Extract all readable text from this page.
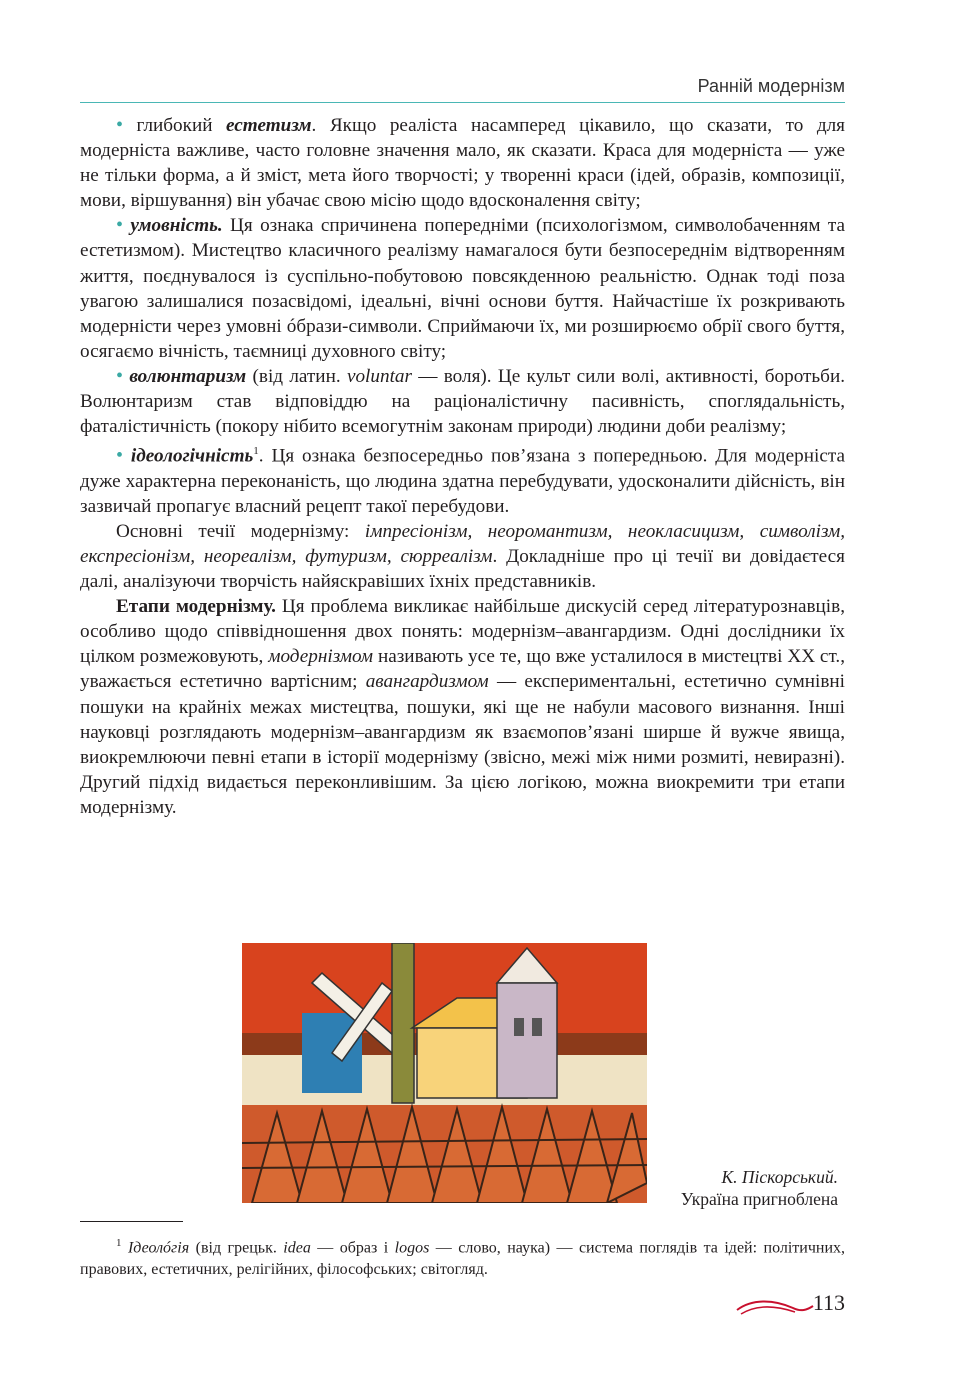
Ранній модернізм

• глибокий естетизм. Якщо реаліста насамперед цікавило, що сказати, то для модерніста важливе, часто головне значення мало, як сказати. Краса для модерніста — уже не тільки форма, а й зміст, мета його творчості; у творенні краси (ідей, образів, композиції, мови, віршування) він убачає свою місію щодо вдосконалення світу;

• умовність. Ця ознака спричинена попередніми (психологізмом, символобаченням та естетизмом). Мистецтво класичного реалізму намагалося бути безпосереднім відтворенням життя, поєднувалося із суспільно-побутовою повсякденною реальністю. Однак тоді поза увагою залишалися позасвідомі, ідеальні, вічні основи буття. Найчастіше їх розкривають модерністи через умовні óбрази-символи. Сприймаючи їх, ми розширюємо обрії свого буття, осягаємо вічність, таємниці духовного світу;

• волюнтаризм (від латин. voluntar — воля). Це культ сили волі, активності, боротьби. Волюнтаризм став відповіддю на раціоналістичну пасивність, споглядальність, фаталістичність (покору нібито всемогутнім законам природи) людини доби реалізму;

• ідеологічність$^1$. Ця ознака безпосередньо пов’язана з попередньою. Для модерніста дуже характерна переконаність, що людина здатна перебудувати, удосконалити дійсність, він зазвичай пропагує власний рецепт такої перебудови.

Основні течії модернізму: імпресіонізм, неоромантизм, неокласицизм, символізм, експресіонізм, неореалізм, футуризм, сюрреалізм. Докладніше про ці течії ви довідаєтеся далі, аналізуючи творчість найяскравіших їхніх представників.

Етапи модернізму. Ця проблема викликає найбільше дискусій серед літературознавців, особливо щодо співвідношення двох понять: модернізм–авангардизм. Одні дослідники їх цілком розмежовують, модернізмом називають усе те, що вже усталилося в мистецтві ХХ ст., уважається естетично вартісним; авангардизмом — експериментальні, естетично сумнівні пошуки на крайніх межах мистецтва, пошуки, які ще не набули масового визнання. Інші науковці розглядають модернізм–авангардизм як взаємопов’язані ширше й вужче явища, виокремлюючи певні етапи в історії модернізму (звісно, межі між ними розмиті, невиразні). Другий підхід видається переконливішим. За цією логікою, можна виокремити три етапи модернізму.

К. Піскорський.
Україна пригноблена

$^1$ Ідеолóгія (від грецьк. idea — образ і logos — слово, наука) — система поглядів та ідей: політичних, правових, естетичних, релігійних, філософських; світогляд.

113
